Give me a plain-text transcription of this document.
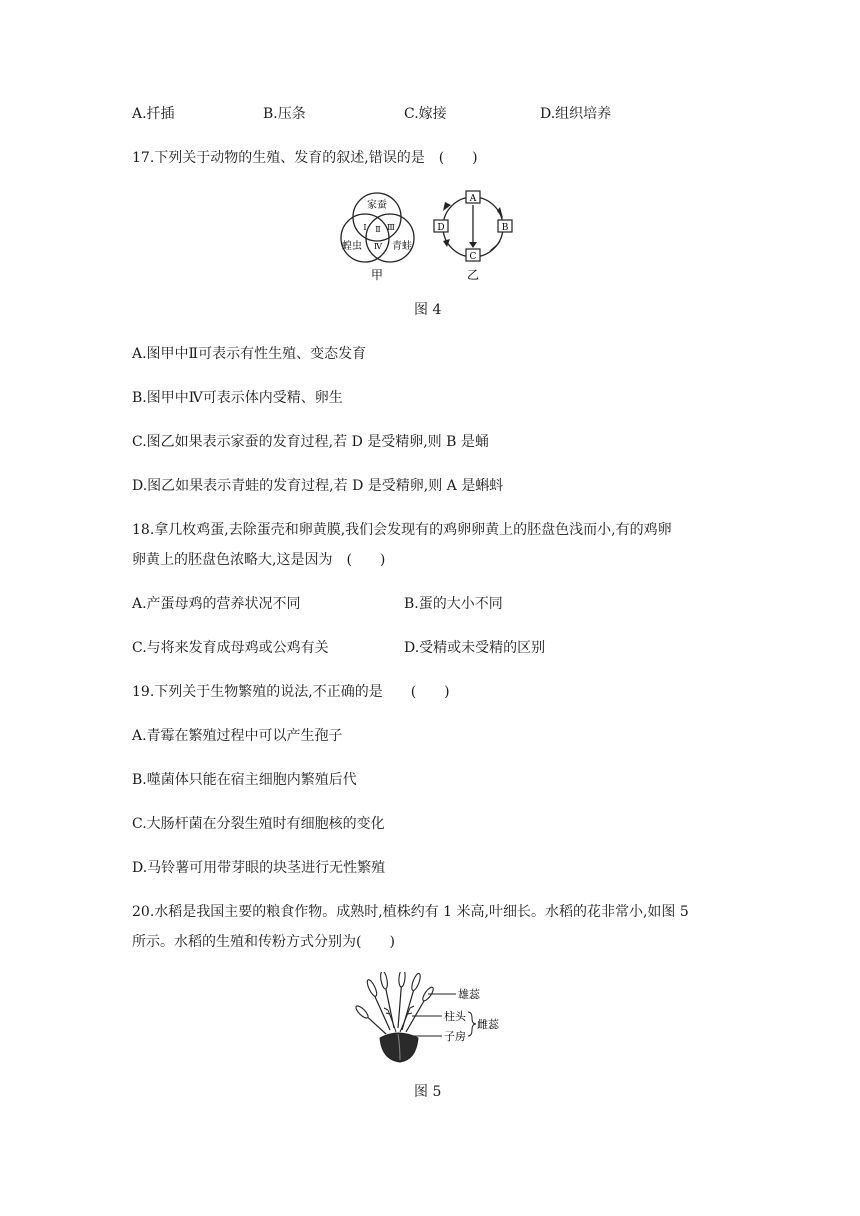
A.扦插	B.压条	C.嫁接	D.组织培养
17.下列关于动物的生殖、发育的叙述,错误的是　(　　)
家蚕
蝗虫	青蛙
Ⅰ Ⅱ Ⅲ
Ⅳ
甲
A
B
C
D
乙
图 4
A.图甲中Ⅱ可表示有性生殖、变态发育
B.图甲中Ⅳ可表示体内受精、卵生
C.图乙如果表示家蚕的发育过程,若 D 是受精卵,则 B 是蛹
D.图乙如果表示青蛙的发育过程,若 D 是受精卵,则 A 是蝌蚪
18.拿几枚鸡蛋,去除蛋壳和卵黄膜,我们会发现有的鸡卵卵黄上的胚盘色浅而小,有的鸡卵
卵黄上的胚盘色浓略大,这是因为　(　　)
A.产蛋母鸡的营养状况不同	B.蛋的大小不同
C.与将来发育成母鸡或公鸡有关	D.受精或未受精的区别
19.下列关于生物繁殖的说法,不正确的是　　(　　)
A.青霉在繁殖过程中可以产生孢子
B.噬菌体只能在宿主细胞内繁殖后代
C.大肠杆菌在分裂生殖时有细胞核的变化
D.马铃薯可用带芽眼的块茎进行无性繁殖
20.水稻是我国主要的粮食作物。成熟时,植株约有 1 米高,叶细长。水稻的花非常小,如图 5
所示。水稻的生殖和传粉方式分别为(　　)
雄蕊
柱头
雌蕊
子房
图 5
